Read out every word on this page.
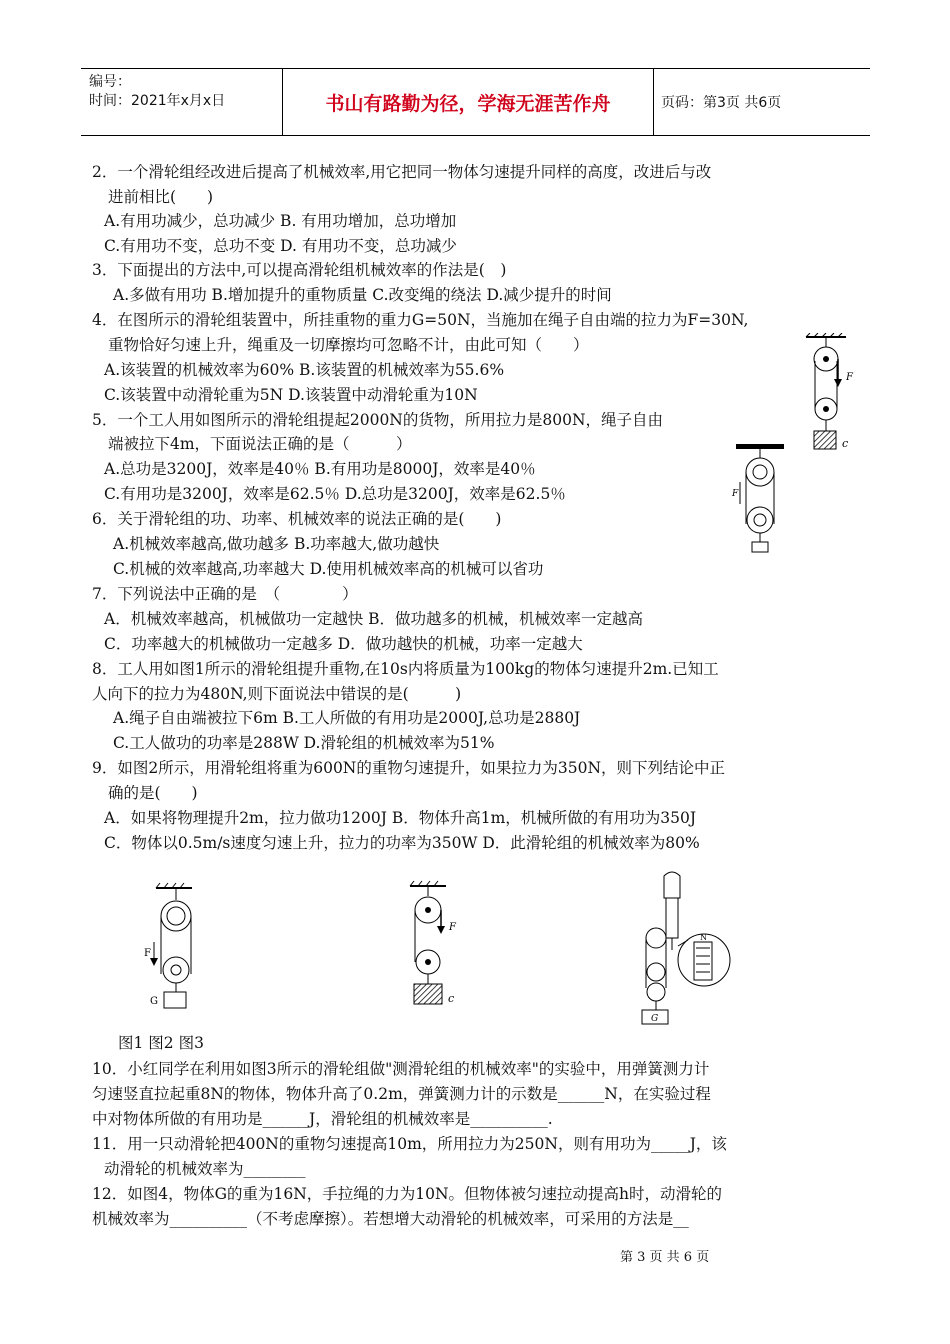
编号：
时间：2021年x月x日	书山有路勤为径，学海无涯苦作舟	页码：第3页 共6页
2．一个滑轮组经改进后提高了机械效率,用它把同一物体匀速提升同样的高度，改进后与改
进前相比(　　)
A.有用功减少，总功减少 B. 有用功增加，总功增加
C.有用功不变，总功不变 D. 有用功不变，总功减少
3．下面提出的方法中,可以提高滑轮组机械效率的作法是(　)
A.多做有用功 B.增加提升的重物质量 C.改变绳的绕法 D.减少提升的时间
4．在图所示的滑轮组装置中，所挂重物的重力G=50N，当施加在绳子自由端的拉力为F=30N,
重物恰好匀速上升，绳重及一切摩擦均可忽略不计，由此可知（　　）
A.该装置的机械效率为60% B.该装置的机械效率为55.6%
C.该装置中动滑轮重为5N D.该装置中动滑轮重为10N
5．一个工人用如图所示的滑轮组提起2000N的货物，所用拉力是800N，绳子自由
端被拉下4m，下面说法正确的是（　　　）
A.总功是3200J，效率是40％ B.有用功是8000J，效率是40％
C.有用功是3200J，效率是62.5％ D.总功是3200J，效率是62.5％
6．关于滑轮组的功、功率、机械效率的说法正确的是(　　)
A.机械效率越高,做功越多 B.功率越大,做功越快
C.机械的效率越高,功率越大 D.使用机械效率高的机械可以省功
7．下列说法中正确的是　（　　　　）
A．机械效率越高，机械做功一定越快 B．做功越多的机械，机械效率一定越高
C．功率越大的机械做功一定越多 D．做功越快的机械，功率一定越大
8．工人用如图1所示的滑轮组提升重物,在10s内将质量为100kg的物体匀速提升2m.已知工
人向下的拉力为480N,则下面说法中错误的是(　　　)
A.绳子自由端被拉下6m B.工人所做的有用功是2000J,总功是2880J
C.工人做功的功率是288W D.滑轮组的机械效率为51%
9．如图2所示，用滑轮组将重为600N的重物匀速提升，如果拉力为350N，则下列结论中正
确的是(　　)
A．如果将物理提升2m，拉力做功1200J B．物体升高1m，机械所做的有用功为350J
C．物体以0.5m/s速度匀速上升，拉力的功率为350W D．此滑轮组的机械效率为80%
F
c
F
F
G
F
c
G
N
图1 图2 图3
10．小红同学在利用如图3所示的滑轮组做"测滑轮组的机械效率"的实验中，用弹簧测力计
匀速竖直拉起重8N的物体，物体升高了0.2m，弹簧测力计的示数是______N，在实验过程
中对物体所做的有用功是______J，滑轮组的机械效率是__________.
11．用一只动滑轮把400N的重物匀速提高10m，所用拉力为250N，则有用功为_____J，该
动滑轮的机械效率为________
12．如图4，物体G的重为16N，手拉绳的力为10N。但物体被匀速拉动提高h时，动滑轮的
机械效率为__________（不考虑摩擦）。若想增大动滑轮的机械效率，可采用的方法是__
第 3 页 共 6 页
